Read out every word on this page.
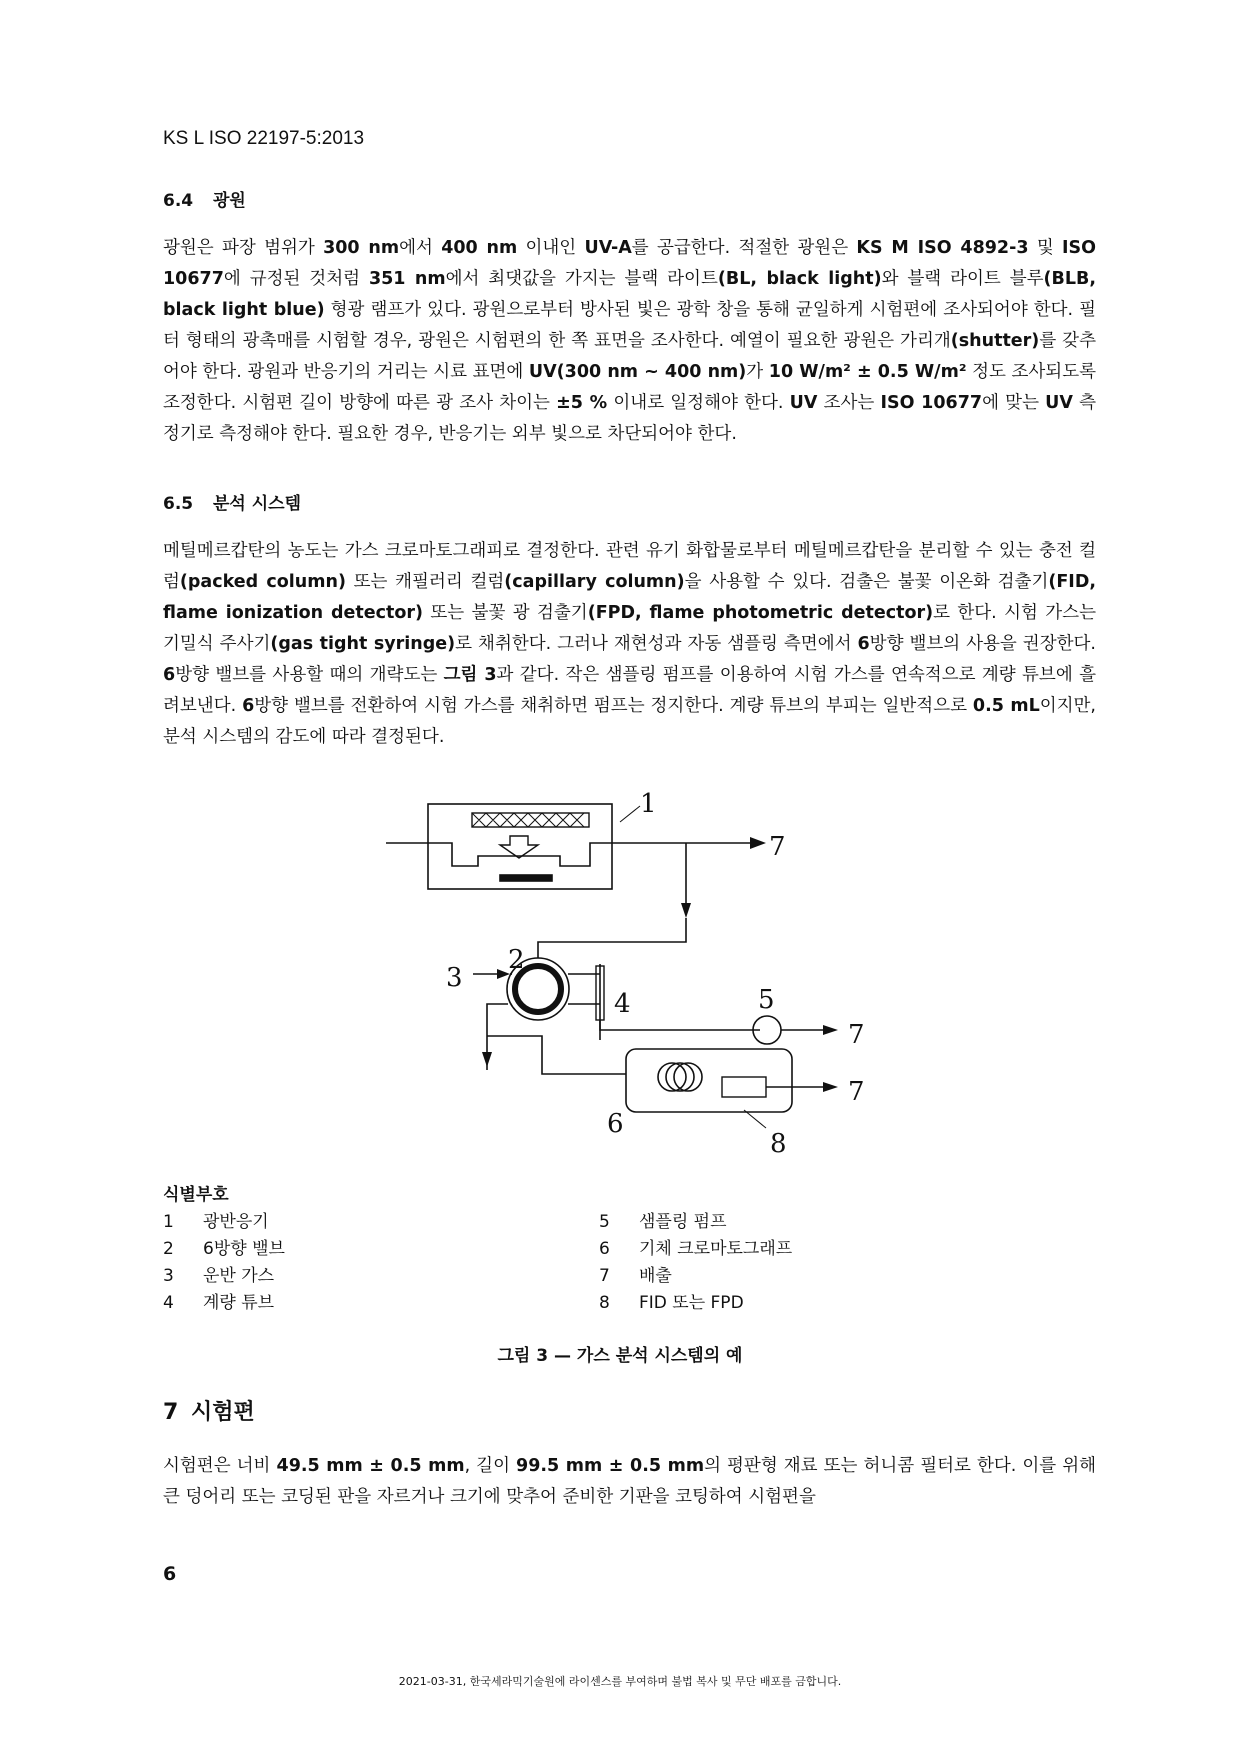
KS L ISO 22197-5:2013
6.4 광원

광원은 파장 범위가 300 nm에서 400 nm 이내인 UV-A를 공급한다. 적절한 광원은 KS M ISO 4892-3 및 ISO 10677에 규정된 것처럼 351 nm에서 최댓값을 가지는 블랙 라이트(BL, black light)와 블랙 라이트 블루(BLB, black light blue) 형광 램프가 있다. 광원으로부터 방사된 빛은 광학 창을 통해 균일하게 시험편에 조사되어야 한다. 필터 형태의 광촉매를 시험할 경우, 광원은 시험편의 한 쪽 표면을 조사한다. 예열이 필요한 광원은 가리개(shutter)를 갖추어야 한다. 광원과 반응기의 거리는 시료 표면에 UV(300 nm ~ 400 nm)가 10 W/m² ± 0.5 W/m² 정도 조사되도록 조정한다. 시험편 길이 방향에 따른 광 조사 차이는 ±5 % 이내로 일정해야 한다. UV 조사는 ISO 10677에 맞는 UV 측정기로 측정해야 한다. 필요한 경우, 반응기는 외부 빛으로 차단되어야 한다.

6.5 분석 시스템

메틸메르캅탄의 농도는 가스 크로마토그래피로 결정한다. 관련 유기 화합물로부터 메틸메르캅탄을 분리할 수 있는 충전 컬럼(packed column) 또는 캐필러리 컬럼(capillary column)을 사용할 수 있다. 검출은 불꽃 이온화 검출기(FID, flame ionization detector) 또는 불꽃 광 검출기(FPD, flame photometric detector)로 한다. 시험 가스는 기밀식 주사기(gas tight syringe)로 채취한다. 그러나 재현성과 자동 샘플링 측면에서 6방향 밸브의 사용을 권장한다. 6방향 밸브를 사용할 때의 개략도는 그림 3과 같다. 작은 샘플링 펌프를 이용하여 시험 가스를 연속적으로 계량 튜브에 흘려보낸다. 6방향 밸브를 전환하여 시험 가스를 채취하면 펌프는 정지한다. 계량 튜브의 부피는 일반적으로 0.5 mL이지만, 분석 시스템의 감도에 따라 결정된다.

1
2
3
4	5
6
7
7
7
8
식별부호
1 광반응기
2 6방향 밸브
3 운반 가스
4 계량 튜브
5 샘플링 펌프
6 기체 크로마토그래프
7 배출
8 FID 또는 FPD
그림 3 — 가스 분석 시스템의 예
7 시험편

시험편은 너비 49.5 mm ± 0.5 mm, 길이 99.5 mm ± 0.5 mm의 평판형 재료 또는 허니콤 필터로 한다. 이를 위해 큰 덩어리 또는 코딩된 판을 자르거나 크기에 맞추어 준비한 기판을 코팅하여 시험편을

6
2021-03-31, 한국세라믹기술원에 라이센스를 부여하며 불법 복사 및 무단 배포를 금합니다.
